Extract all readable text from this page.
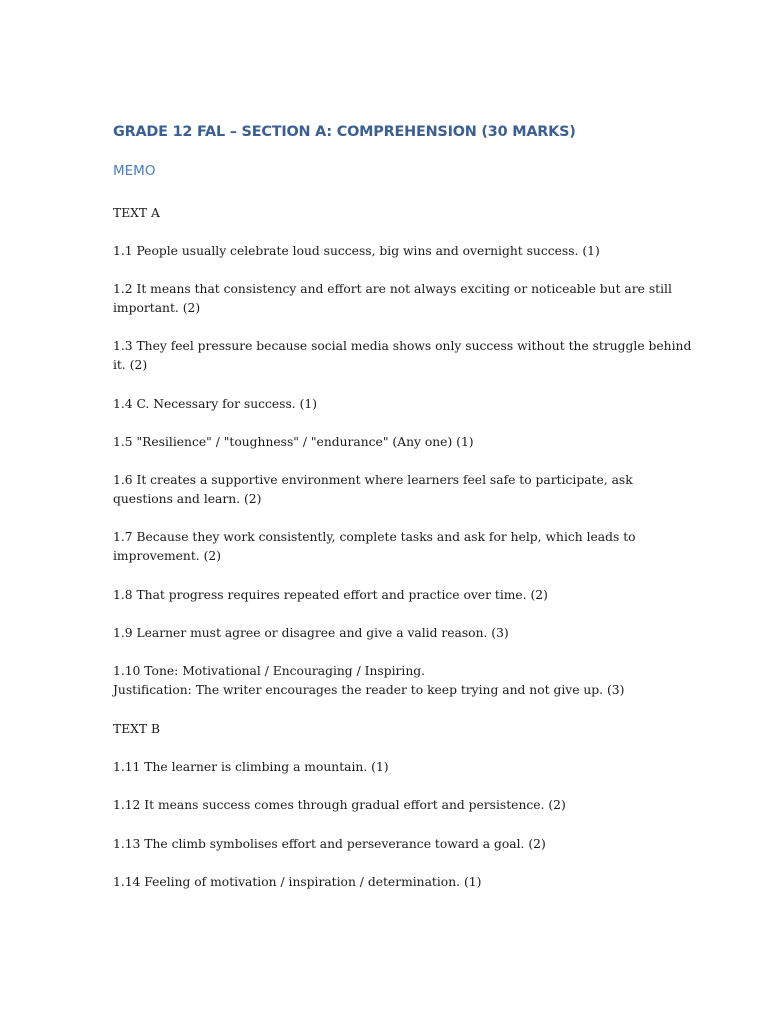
GRADE 12 FAL – SECTION A: COMPREHENSION (30 MARKS)
MEMO

TEXT A

1.1 People usually celebrate loud success, big wins and overnight success. (1)

1.2 It means that consistency and effort are not always exciting or noticeable but are still
important. (2)

1.3 They feel pressure because social media shows only success without the struggle behind
it. (2)

1.4 C. Necessary for success. (1)

1.5 "Resilience" / "toughness" / "endurance" (Any one) (1)

1.6 It creates a supportive environment where learners feel safe to participate, ask
questions and learn. (2)

1.7 Because they work consistently, complete tasks and ask for help, which leads to
improvement. (2)

1.8 That progress requires repeated effort and practice over time. (2)

1.9 Learner must agree or disagree and give a valid reason. (3)

1.10 Tone: Motivational / Encouraging / Inspiring.
Justification: The writer encourages the reader to keep trying and not give up. (3)

TEXT B

1.11 The learner is climbing a mountain. (1)

1.12 It means success comes through gradual effort and persistence. (2)

1.13 The climb symbolises effort and perseverance toward a goal. (2)

1.14 Feeling of motivation / inspiration / determination. (1)
